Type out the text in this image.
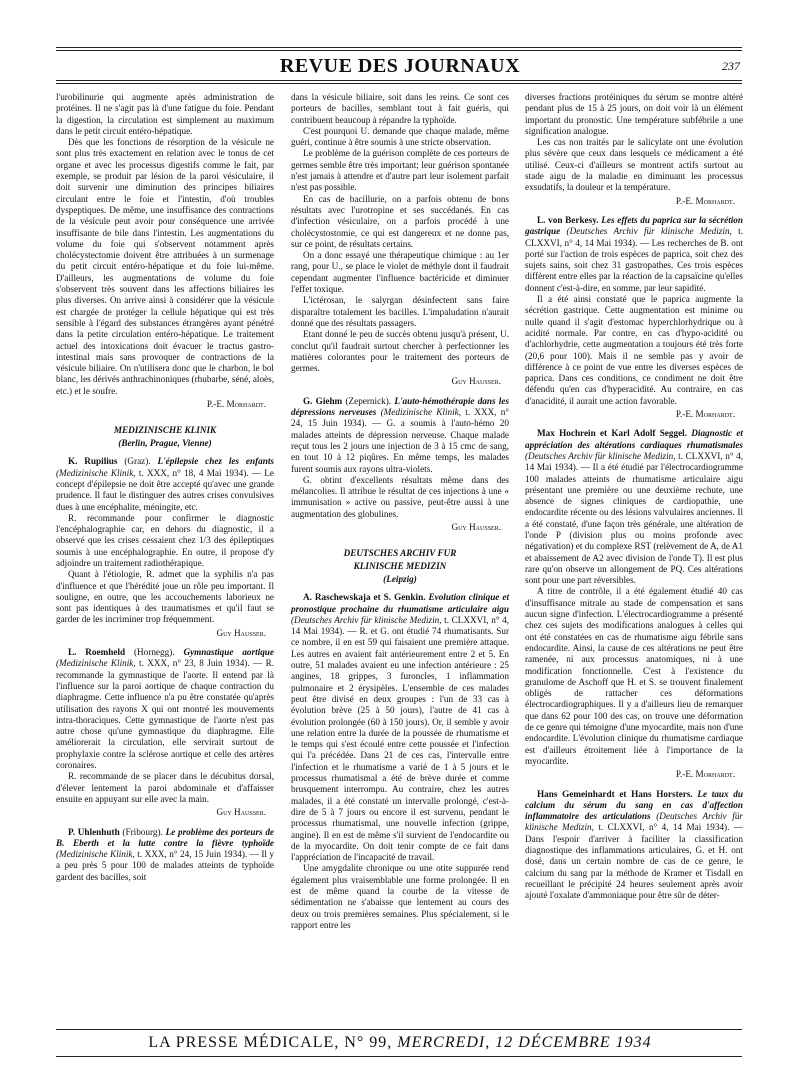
REVUE DES JOURNAUX	237

l'urobilinurie qui augmente après administration de protéines. Il ne s'agit pas là d'une fatigue du foie. Pendant la digestion, la circulation est simplement au maximum dans le petit circuit entéro-hépatique.

Dès que les fonctions de résorption de la vésicule ne sont plus très exactement en relation avec le tonus de cet organe et avec les processus digestifs comme le fait, par exemple, se produit par lésion de la paroi vésiculaire, il doit survenir une diminution des principes biliaires circulant entre le foie et l'intestin, d'où troubles dyspeptiques. De même, une insuffisance des contractions de la vésicule peut avoir pour conséquence une arrivée insuffisante de bile dans l'intestin. Les augmentations du volume du foie qui s'observent notamment après cholécystectomie doivent être attribuées à un surmenage du petit circuit entéro-hépatique et du foie lui-même. D'ailleurs, les augmentations de volume du foie s'observent très souvent dans les affections biliaires les plus diverses. On arrive ainsi à considérer que la vésicule est chargée de protéger la cellule hépatique qui est très sensible à l'égard des substances étrangères ayant pénétré dans la petite circulation entéro-hépatique. Le traitement actuel des intoxications doit évacuer le tractus gastro-intestinal mais sans provoquer de contractions de la vésicule biliaire. On n'utilisera donc que le charbon, le bol blanc, les dérivés anthrachinoniques (rhubarbe, séné, aloès, etc.) et le soufre.

P.-E. Morhardt.
MEDIZINISCHE KLINIK
(Berlin, Prague, Vienne)

K. Rupilius (Graz). L'épilepsie chez les enfants (Medizinische Klinik, t. XXX, n° 18, 4 Mai 1934). — Le concept d'épilepsie ne doit être accepté qu'avec une grande prudence. Il faut le distinguer des autres crises convulsives dues à une encéphalite, méningite, etc.

R. recommande pour confirmer le diagnostic l'encéphalographie car, en dehors du diagnostic, il a observé que les crises cessaient chez 1/3 des épileptiques soumis à une encéphalographie. En outre, il propose d'y adjoindre un traitement radiothérapique.

Quant à l'étiologie, R. admet que la syphilis n'a pas d'influence et que l'hérédité joue un rôle peu important. Il souligne, en outre, que les accouchements laborieux ne sont pas identiques à des traumatismes et qu'il faut se garder de les incriminer trop fréquemment.

Guy Hausser.

L. Roemheld (Hornegg). Gymnastique aortique (Medizinische Klinik, t. XXX, n° 23, 8 Juin 1934). — R. recommande la gymnastique de l'aorte. Il entend par là l'influence sur la paroi aortique de chaque contraction du diaphragme. Cette influence n'a pu être constatée qu'après utilisation des rayons X qui ont montré les mouvements intra-thoraciques. Cette gymnastique de l'aorte n'est pas autre chose qu'une gymnastique du diaphragme. Elle améliorerait la circulation, elle servirait surtout de prophylaxie contre la sclérose aortique et celle des artères coronaires.

R. recommande de se placer dans le décubitus dorsal, d'élever lentement la paroi abdominale et d'affaisser ensuite en appuyant sur elle avec la main.

Guy Hausser.

P. Uhlenhuth (Fribourg). Le problème des porteurs de B. Eberth et la lutte contre la fièvre typhoïde (Medizinische Klinik, t. XXX, n° 24, 15 Juin 1934). — Il y a peu près 5 pour 100 de malades atteints de typhoïde gardent des bacilles, soit

dans la vésicule biliaire, soit dans les reins. Ce sont ces porteurs de bacilles, semblant tout à fait guéris, qui contribuent beaucoup à répandre la typhoïde.

C'est pourquoi U. demande que chaque malade, même guéri, continue à être soumis à une stricte observation.

Le problème de la guérison complète de ces porteurs de germes semble être très important; leur guérison spontanée n'est jamais à attendre et d'autre part leur isolement parfait n'est pas possible.

En cas de bacillurie, on a parfois obtenu de bons résultats avec l'urotropine et ses succédanés. En cas d'infection vésiculaire, on a parfois procédé à une cholécystostomie, ce qui est dangereux et ne donne pas, sur ce point, de résultats certains.

On a donc essayé une thérapeutique chimique : au 1er rang, pour U., se place le violet de méthyle dont il faudrait cependant augmenter l'influence bactéricide et diminuer l'effet toxique.

L'ictérosan, le salyrgan désinfectent sans faire disparaître totalement les bacilles. L'impaludation n'aurait donné que des résultats passagers.

Etant donné le peu de succès obtenu jusqu'à présent, U. conclut qu'il faudrait surtout chercher à perfectionner les matières colorantes pour le traitement des porteurs de germes.

Guy Hausser.

G. Giehm (Zepernick). L'auto-hémothérapie dans les dépressions nerveuses (Medizinische Klinik, t. XXX, n° 24, 15 Juin 1934). — G. a soumis à l'auto-hémo 20 malades atteints de dépression nerveuse. Chaque malade reçut tous les 2 jours une injection de 3 à 15 cmc de sang, en tout 10 à 12 piqûres. En même temps, les malades furent soumis aux rayons ultra-violets.

G. obtint d'excellents résultats même dans des mélancolies. Il attribue le résultat de ces injections à une « immunisation » active ou passive, peut-être aussi à une augmentation des globulines.

Guy Hausser.
DEUTSCHES ARCHIV FUR
KLINISCHE MEDIZIN
(Leipzig)

A. Raschewskaja et S. Genkin. Evolution clinique et pronostique prochaine du rhumatisme articulaire aigu (Deutsches Archiv für klinische Medizin, t. CLXXVI, n° 4, 14 Mai 1934). — R. et G. ont étudié 74 rhumatisants. Sur ce nombre, il en est 59 qui faisaient une première attaque. Les autres en avaient fait antérieurement entre 2 et 5. En outre, 51 malades avaient eu une infection antérieure : 25 angines, 18 grippes, 3 furoncles, 1 inflammation pulmonaire et 2 érysipèles. L'ensemble de ces malades peut être divisé en deux groupes : l'un de 33 cas à évolution brève (25 à 50 jours), l'autre de 41 cas à évolution prolongée (60 à 150 jours). Or, il semble y avoir une relation entre la durée de la poussée de rhumatisme et le temps qui s'est écoulé entre cette poussée et l'infection qui l'a précédée. Dans 21 de ces cas, l'intervalle entre l'infection et le rhumatisme a varié de 1 à 5 jours et le processus rhumatismal a été de brève durée et comme brusquement interrompu. Au contraire, chez les autres malades, il a été constaté un intervalle prolongé, c'est-à-dire de 5 à 7 jours ou encore il est survenu, pendant le processus rhumatismal, une nouvelle infection (grippe, angine). Il en est de même s'il survient de l'endocardite ou de la myocardite. On doit tenir compte de ce fait dans l'appréciation de l'incapacité de travail.

Une amygdalite chronique ou une otite suppurée rend également plus vraisemblable une forme prolongée. Il en est de même quand la courbe de la vitesse de sédimentation ne s'abaisse que lentement au cours des deux ou trois premières semaines. Plus spécialement, si le rapport entre les

diverses fractions protéiniques du sérum se montre altéré pendant plus de 15 à 25 jours, on doit voir là un élément important du pronostic. Une température subfébrile a une signification analogue.

Les cas non traités par le salicylate ont une évolution plus sévère que ceux dans lesquels ce médicament a été utilisé. Ceux-ci d'ailleurs se montrent actifs surtout au stade aigu de la maladie en diminuant les processus exsudatifs, la douleur et la température.

P.-E. Morhardt.

L. von Berkesy. Les effets du paprica sur la sécrétion gastrique (Deutsches Archiv für klinische Medizin, t. CLXXVI, n° 4, 14 Mai 1934). — Les recherches de B. ont porté sur l'action de trois espèces de paprica, soit chez des sujets sains, soit chez 31 gastropathes. Ces trois espèces diffèrent entre elles par la réaction de la capsaïcine qu'elles donnent c'est-à-dire, en somme, par leur sapidité.

Il a été ainsi constaté que le paprica augmente la sécrétion gastrique. Cette augmentation est minime ou nulle quand il s'agit d'estomac hyperchlorhydrique ou à acidité normale. Par contre, en cas d'hypo-acidité ou d'achlorhydrie, cette augmentation a toujours été très forte (20,6 pour 100). Mais il ne semble pas y avoir de différence à ce point de vue entre les diverses espèces de paprica. Dans ces conditions, ce condiment ne doit être défendu qu'en cas d'hyperacidité. Au contraire, en cas d'anacidité, il aurait une action favorable.

P.-E. Morhardt.

Max Hochrein et Karl Adolf Seggel. Diagnostic et appréciation des altérations cardiaques rhumatismales (Deutsches Archiv für klinische Medizin, t. CLXXVI, n° 4, 14 Mai 1934). — Il a été étudié par l'électrocardiogramme 100 malades atteints de rhumatisme articulaire aigu présentant une première ou une deuxième rechute, une absence de signes cliniques de cardiopathie, une endocardite récente ou des lésions valvulaires anciennes. Il a été constaté, d'une façon très générale, une altération de l'onde P (division plus ou moins profonde avec négativation) et du complexe RST (relèvement de A, de A1 et abaissement de A2 avec division de l'onde T). Il est plus rare qu'on observe un allongement de PQ. Ces altérations sont pour une part réversibles.

A titre de contrôle, il a été également étudié 40 cas d'insuffisance mitrale au stade de compensation et sans aucun signe d'infection. L'électrocardiogramme a présenté chez ces sujets des modifications analogues à celles qui ont été constatées en cas de rhumatisme aigu fébrile sans endocardite. Ainsi, la cause de ces altérations ne peut être ramenée, ni aux processus anatomiques, ni à une modification fonctionnelle. C'est à l'existence du granulome de Aschoff que H. et S. se trouvent finalement obligés de rattacher ces déformations électrocardiographiques. Il y a d'ailleurs lieu de remarquer que dans 62 pour 100 des cas, on trouve une déformation de ce genre qui témoigne d'une myocardite, mais non d'une endocardite. L'évolution clinique du rhumatisme cardiaque est d'ailleurs étroitement liée à l'importance de la myocardite.

P.-E. Morhardt.

Hans Gemeinhardt et Hans Horsters. Le taux du calcium du sérum du sang en cas d'affection inflammatoire des articulations (Deutsches Archiv für klinische Medizin, t. CLXXVI, n° 4, 14 Mai 1934). — Dans l'espoir d'arriver à faciliter la classification diagnostique des inflammations articulaires, G. et H. ont dosé, dans un certain nombre de cas de ce genre, le calcium du sang par la méthode de Kramer et Tisdall en recueillant le précipité 24 heures seulement après avoir ajouté l'oxalate d'ammoniaque pour être sûr de déter-

LA PRESSE MÉDICALE, N° 99, MERCREDI, 12 DÉCEMBRE 1934
